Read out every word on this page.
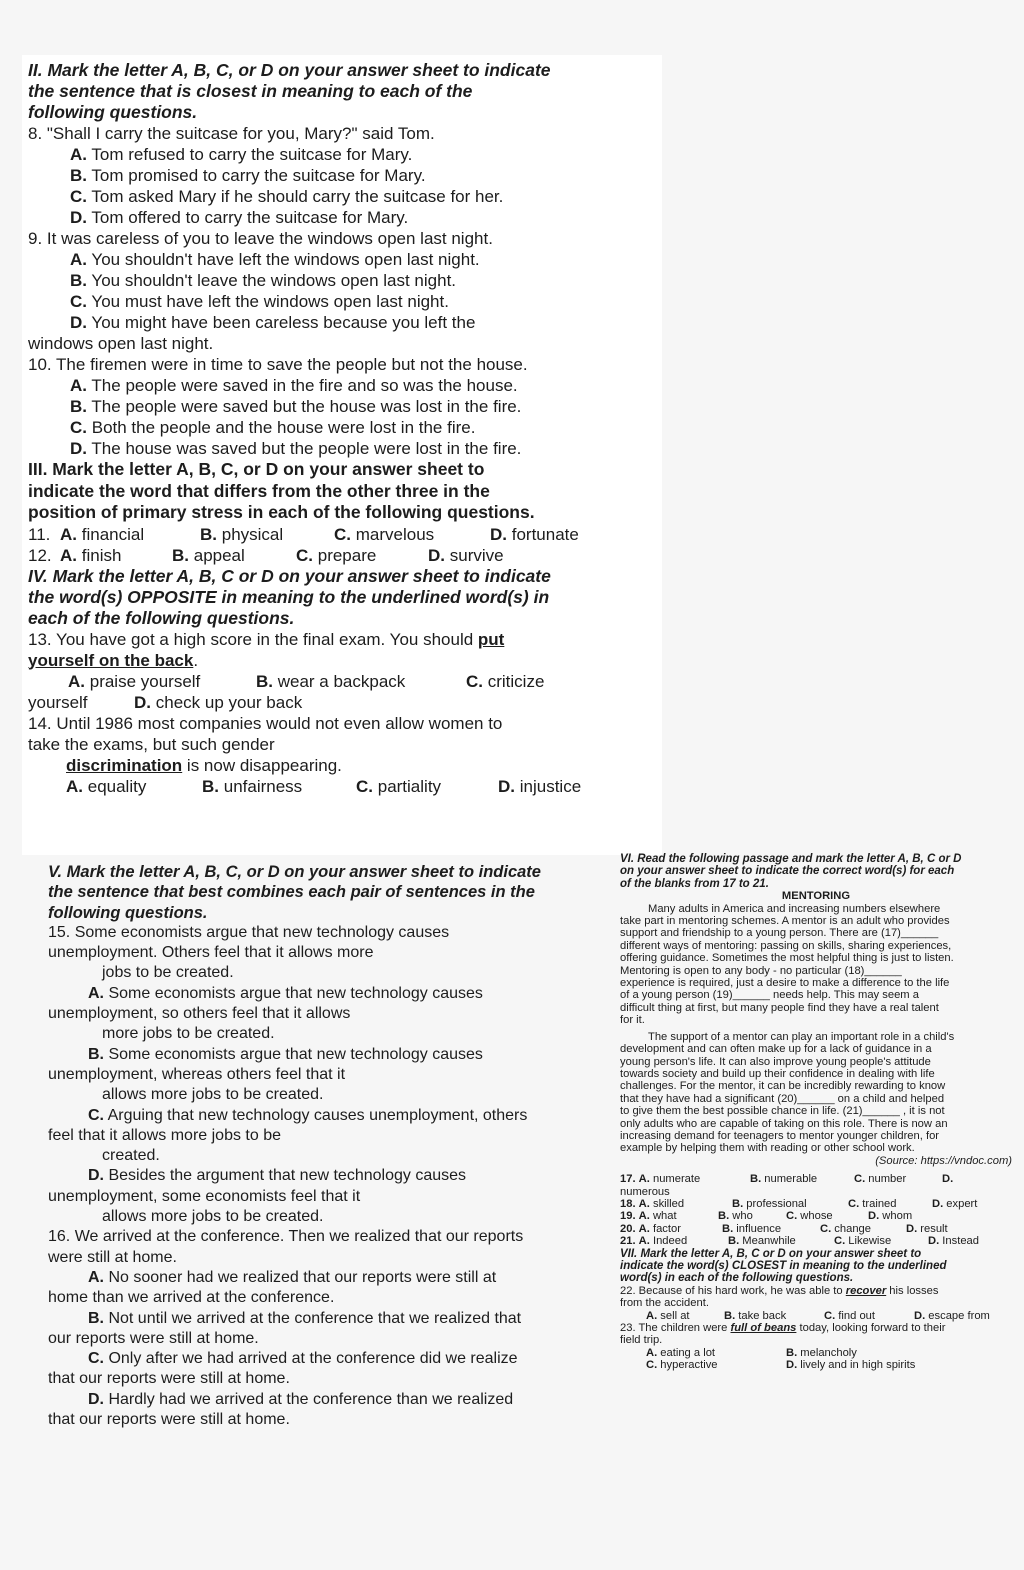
II. Mark the letter A, B, C, or D on your answer sheet to indicate
the sentence that is closest in meaning to each of the
following questions.

8. "Shall I carry the suitcase for you, Mary?" said Tom.

A. Tom refused to carry the suitcase for Mary.

B. Tom promised to carry the suitcase for Mary.

C. Tom asked Mary if he should carry the suitcase for her.

D. Tom offered to carry the suitcase for Mary.

9. It was careless of you to leave the windows open last night.

A. You shouldn't have left the windows open last night.

B. You shouldn't leave the windows open last night.

C. You must have left the windows open last night.

D. You might have been careless because you left the

windows open last night.

10. The firemen were in time to save the people but not the house.

A. The people were saved in the fire and so was the house.

B. The people were saved but the house was lost in the fire.

C. Both the people and the house were lost in the fire.

D. The house was saved but the people were lost in the fire.

III. Mark the letter A, B, C, or D on your answer sheet to
indicate the word that differs from the other three in the
position of primary stress in each of the following questions.

11. A. financial	B. physical	C. marvelous	D. fortunate
12. A. finish	B. appeal	C. prepare	D. survive

IV. Mark the letter A, B, C or D on your answer sheet to indicate
the word(s) OPPOSITE in meaning to the underlined word(s) in
each of the following questions.

13. You have got a high score in the final exam. You should put
yourself on the back.

A. praise yourself	B. wear a backpack	C. criticize
yourself	D. check up your back

14. Until 1986 most companies would not even allow women to
take the exams, but such gender
discrimination is now disappearing.

A. equality	B. unfairness	C. partiality	D. injustice

V. Mark the letter A, B, C, or D on your answer sheet to indicate
the sentence that best combines each pair of sentences in the
following questions.

15. Some economists argue that new technology causes
unemployment. Others feel that it allows more
jobs to be created.

A. Some economists argue that new technology causes
unemployment, so others feel that it allows
more jobs to be created.

B. Some economists argue that new technology causes
unemployment, whereas others feel that it
allows more jobs to be created.

C. Arguing that new technology causes unemployment, others
feel that it allows more jobs to be
created.

D. Besides the argument that new technology causes
unemployment, some economists feel that it
allows more jobs to be created.

16. We arrived at the conference. Then we realized that our reports
were still at home.

A. No sooner had we realized that our reports were still at
home than we arrived at the conference.

B. Not until we arrived at the conference that we realized that
our reports were still at home.

C. Only after we had arrived at the conference did we realize
that our reports were still at home.

D. Hardly had we arrived at the conference than we realized
that our reports were still at home.

VI. Read the following passage and mark the letter A, B, C or D
on your answer sheet to indicate the correct word(s) for each
of the blanks from 17 to 21.

MENTORING

Many adults in America and increasing numbers elsewhere

take part in mentoring schemes. A mentor is an adult who provides

support and friendship to a young person. There are (17)______

different ways of mentoring: passing on skills, sharing experiences,

offering guidance. Sometimes the most helpful thing is just to listen.

Mentoring is open to any body - no particular (18)______

experience is required, just a desire to make a difference to the life

of a young person (19)______ needs help. This may seem a

difficult thing at first, but many people find they have a real talent

for it.

The support of a mentor can play an important role in a child's

development and can often make up for a lack of guidance in a

young person's life. It can also improve young people's attitude

towards society and build up their confidence in dealing with life

challenges. For the mentor, it can be incredibly rewarding to know

that they have had a significant (20)______ on a child and helped

to give them the best possible chance in life. (21)______ , it is not

only adults who are capable of taking on this role. There is now an

increasing demand for teenagers to mentor younger children, for

example by helping them with reading or other school work.

(Source: https://vndoc.com)

17. A. numerate	B. numerable	C. number	D.

numerous

18. A. skilled	B. professional	C. trained	D. expert
19. A. what	B. who	C. whose	D. whom
20. A. factor	B. influence	C. change	D. result
21. A. Indeed	B. Meanwhile	C. Likewise	D. Instead

VII. Mark the letter A, B, C or D on your answer sheet to
indicate the word(s) CLOSEST in meaning to the underlined
word(s) in each of the following questions.

22. Because of his hard work, he was able to recover his losses
from the accident.

A. sell at	B. take back	C. find out	D. escape from

23. The children were full of beans today, looking forward to their
field trip.

A. eating a lot	B. melancholy
C. hyperactive	D. lively and in high spirits
